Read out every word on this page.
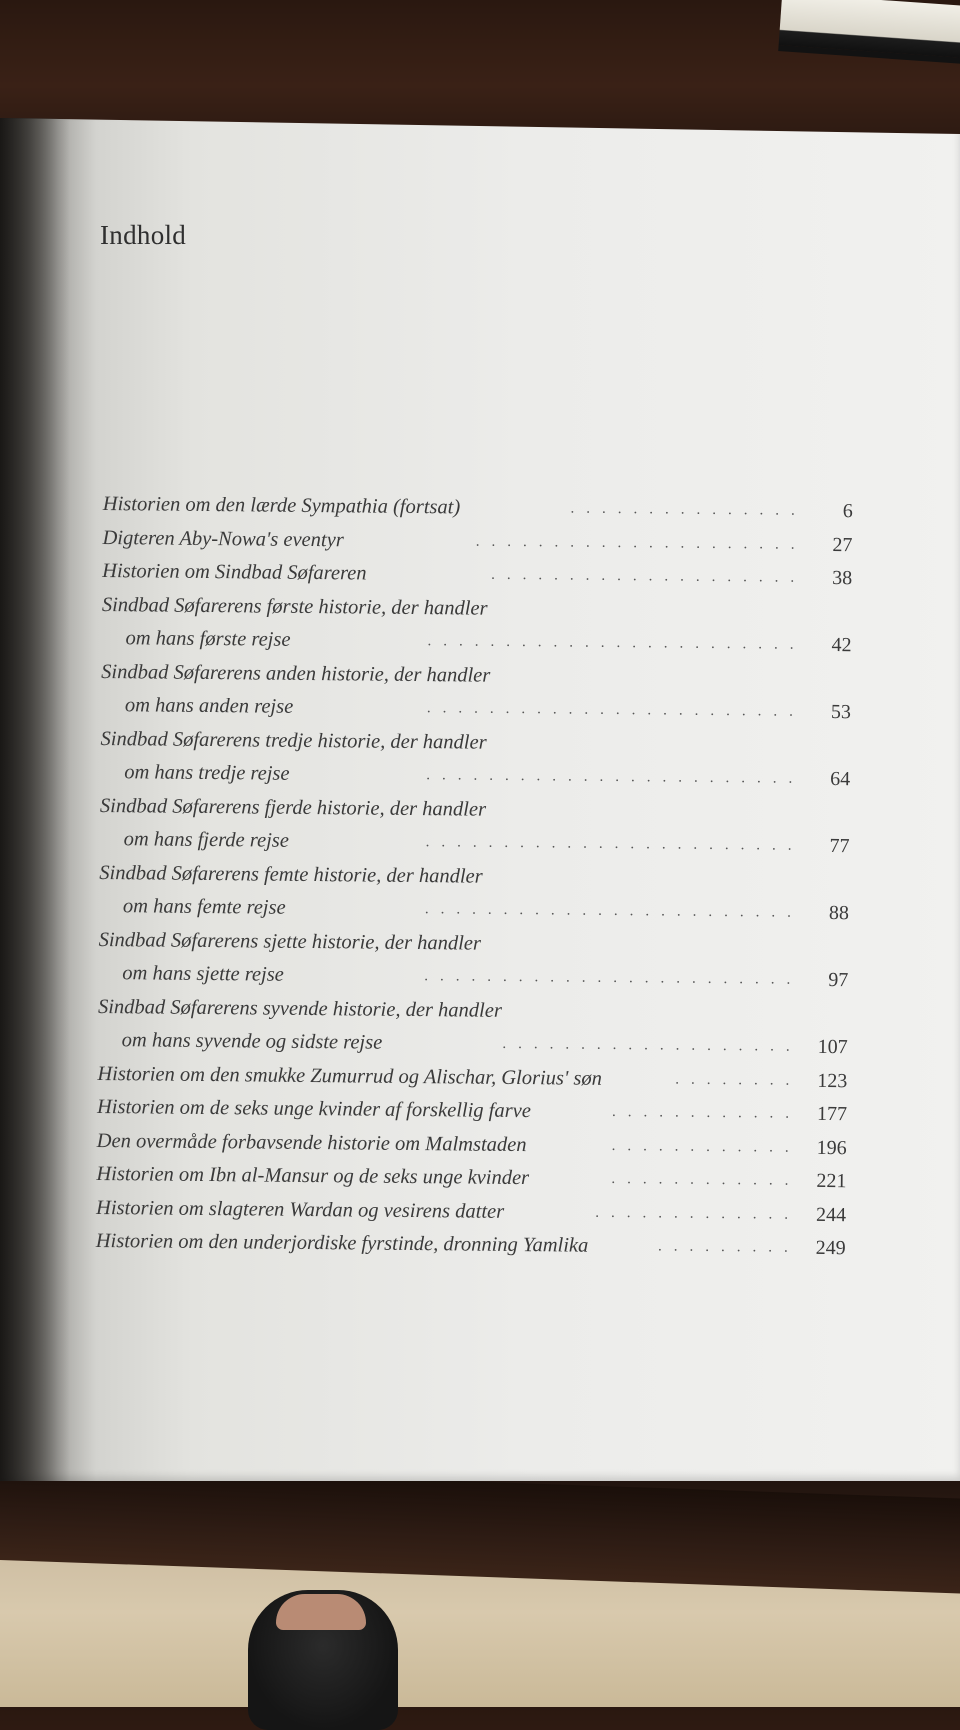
Indhold
Historien om den lærde Sympathia (fortsat)	............... 6
Digteren Aby-Nowa's eventyr	..................... 27
Historien om Sindbad Søfareren	.................... 38
Sindbad Søfarerens første historie, der handler
om hans første rejse	........................ 42
Sindbad Søfarerens anden historie, der handler
om hans anden rejse	........................ 53
Sindbad Søfarerens tredje historie, der handler
om hans tredje rejse	........................ 64
Sindbad Søfarerens fjerde historie, der handler
om hans fjerde rejse	........................ 77
Sindbad Søfarerens femte historie, der handler
om hans femte rejse	........................ 88
Sindbad Søfarerens sjette historie, der handler
om hans sjette rejse	........................ 97
Sindbad Søfarerens syvende historie, der handler
om hans syvende og sidste rejse	................... 107
Historien om den smukke Zumurrud og Alischar, Glorius' søn	........ 123
Historien om de seks unge kvinder af forskellig farve	............ 177
Den overmåde forbavsende historie om Malmstaden	............ 196
Historien om Ibn al-Mansur og de seks unge kvinder	............ 221
Historien om slagteren Wardan og vesirens datter	............. 244
Historien om den underjordiske fyrstinde, dronning Yamlika	......... 249
